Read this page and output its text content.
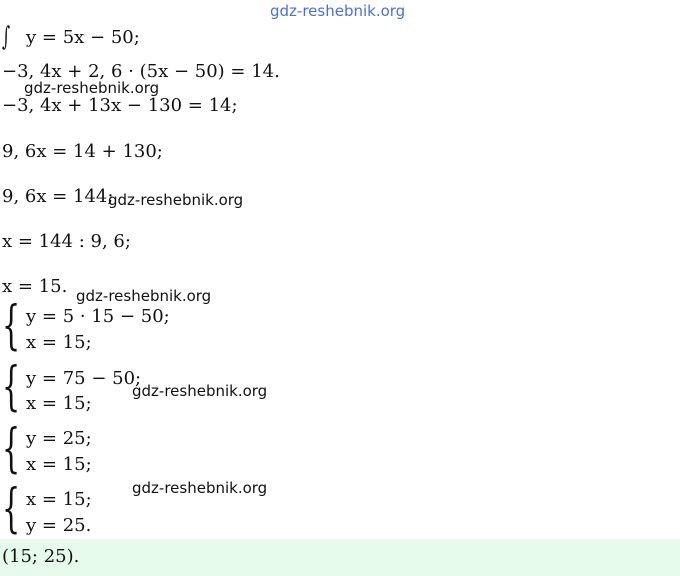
gdz-reshebnik.org
∫ y = 5x − 50;
−3, 4x + 2, 6 · (5x − 50) = 14.
gdz-reshebnik.org
−3, 4x + 13x − 130 = 14;
9, 6x = 14 + 130;
9, 6x = 144;
gdz-reshebnik.org
x = 144 : 9, 6;
x = 15. gdz-reshebnik.org
{ y = 5 · 15 − 50;
x = 15;
{ y = 75 − 50;
gdz-reshebnik.org
x = 15;
{ y = 25;
x = 15;
{ x = 15;
gdz-reshebnik.org
y = 25.
(15; 25).
